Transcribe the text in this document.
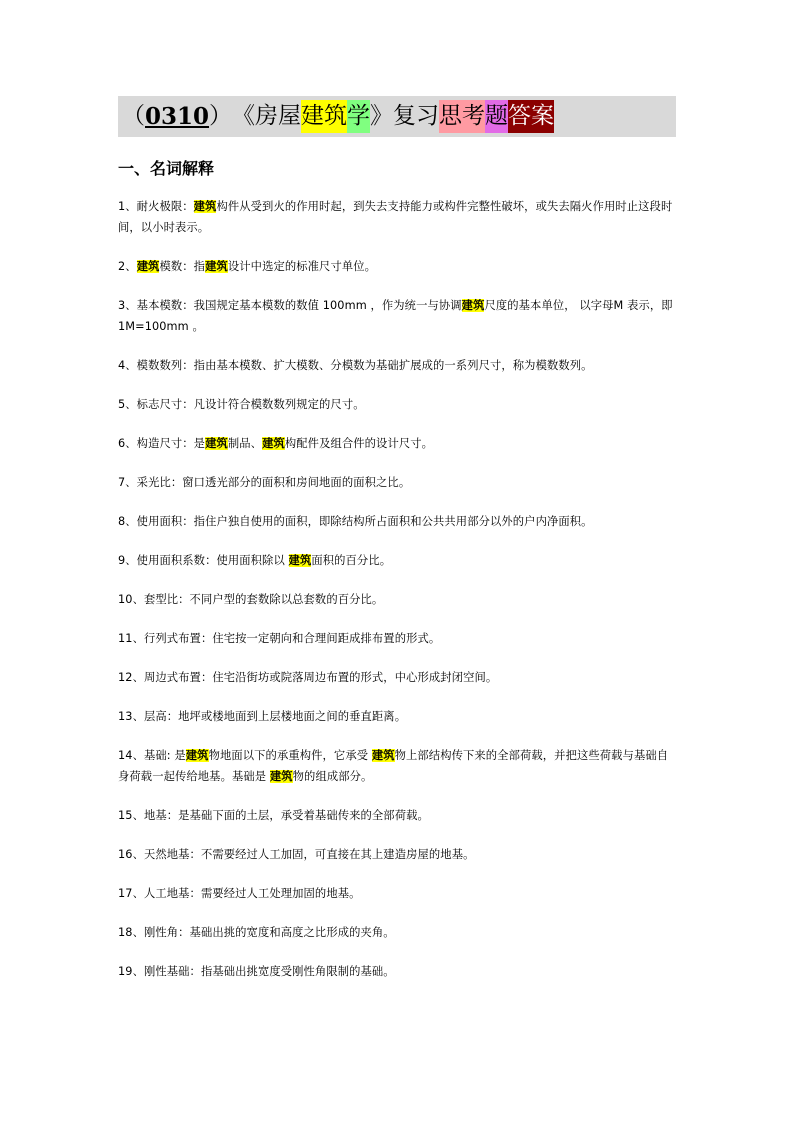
（ 0310 ） 《 房屋 建筑 学 》 复习 思考 题 答案
一、名词解释

1、耐火极限：建筑构件从受到火的作用时起，到失去支持能力或构件完整性破坏，或失去隔火作用时止这段时间，以小时表示。

2、建筑模数：指建筑设计中选定的标准尺寸单位。

3、基本模数：我国规定基本模数的数值 100mm ，作为统一与协调建筑尺度的基本单位， 以字母M 表示，即 1M=100mm 。

4、模数数列：指由基本模数、扩大模数、分模数为基础扩展成的一系列尺寸，称为模数数列。

5、标志尺寸：凡设计符合模数数列规定的尺寸。

6、构造尺寸：是建筑制品、建筑构配件及组合件的设计尺寸。

7、采光比：窗口透光部分的面积和房间地面的面积之比。

8、使用面积：指住户独自使用的面积，即除结构所占面积和公共共用部分以外的户内净面积。

9、使用面积系数：使用面积除以 建筑面积的百分比。

10、套型比：不同户型的套数除以总套数的百分比。

11、行列式布置：住宅按一定朝向和合理间距成排布置的形式。

12、周边式布置：住宅沿街坊或院落周边布置的形式，中心形成封闭空间。

13、层高：地坪或楼地面到上层楼地面之间的垂直距离。

14、基础: 是建筑物地面以下的承重构件，它承受 建筑物上部结构传下来的全部荷载，并把这些荷载与基础自身荷载一起传给地基。基础是 建筑物的组成部分。

15、地基：是基础下面的土层，承受着基础传来的全部荷载。

16、天然地基：不需要经过人工加固，可直接在其上建造房屋的地基。

17、人工地基：需要经过人工处理加固的地基。

18、刚性角：基础出挑的宽度和高度之比形成的夹角。

19、刚性基础：指基础出挑宽度受刚性角限制的基础。
